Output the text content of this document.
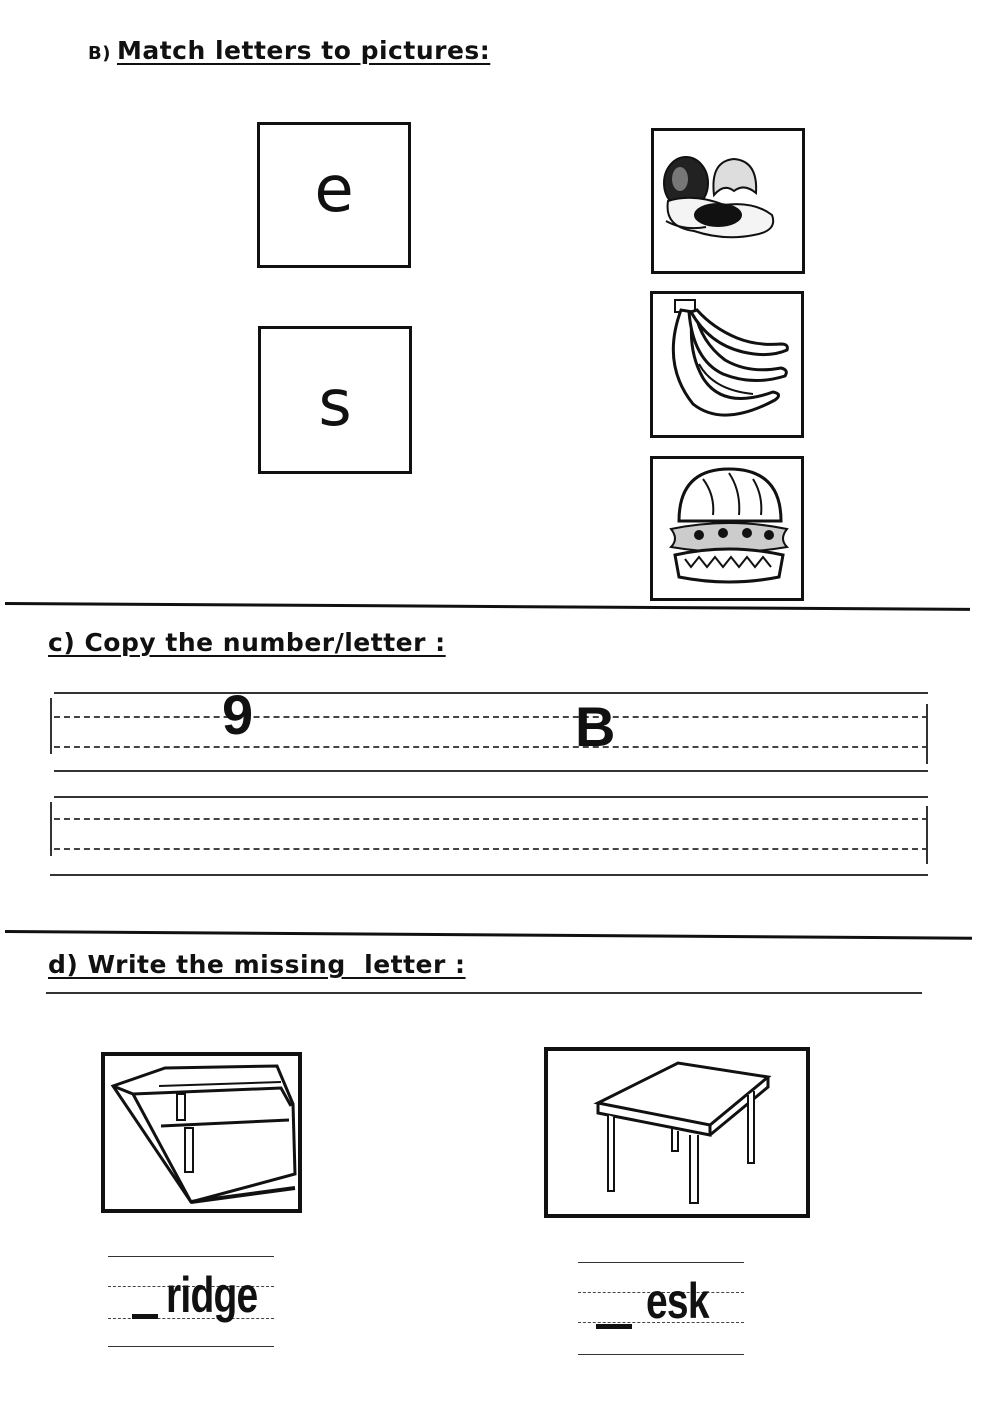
B) Match letters to pictures:
e
s
c) Copy the number/letter :
9	B
d) Write the missing  letter :
ridge	esk
